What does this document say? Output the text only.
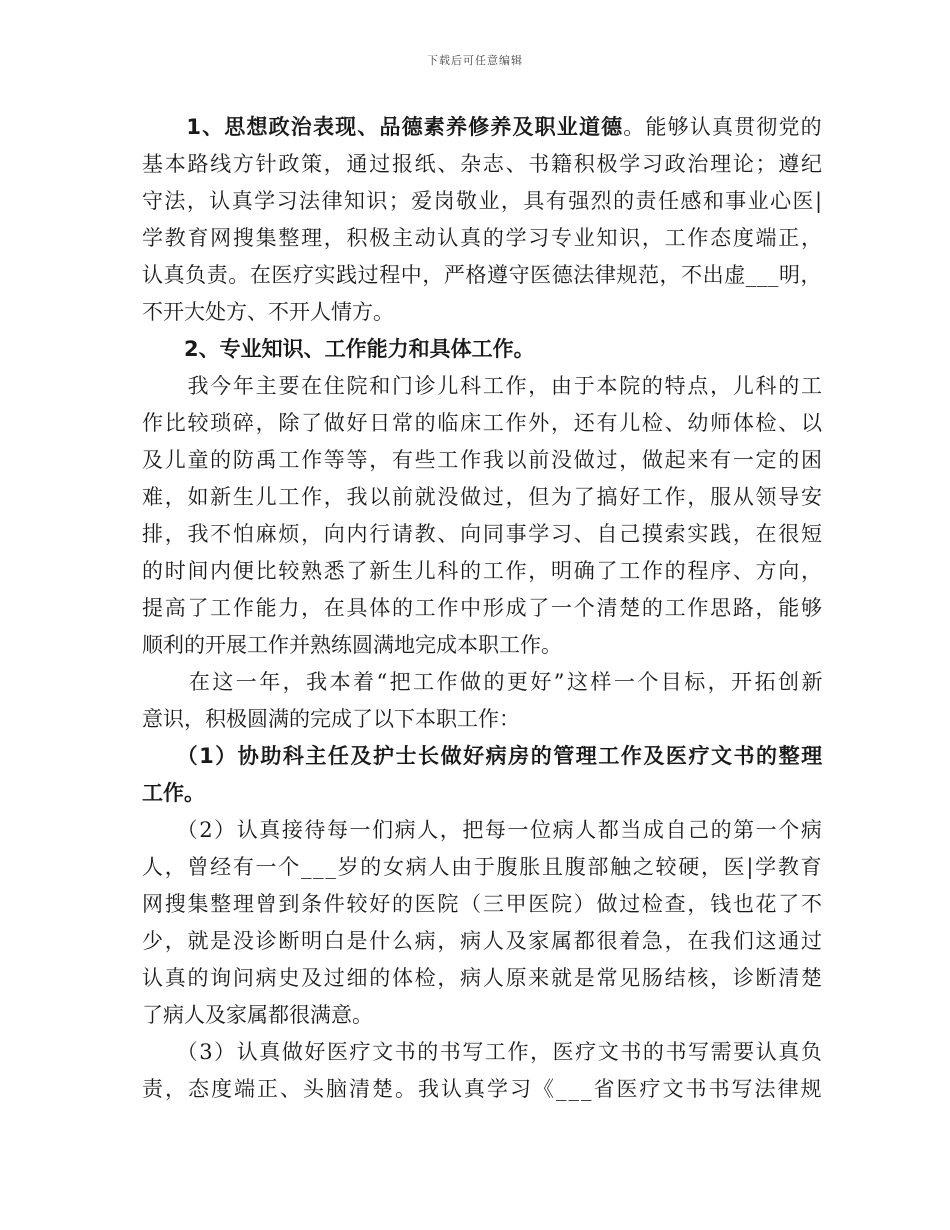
下载后可任意编辑
　　1、思想政治表现、品德素养修养及职业道德。能够认真贯彻党的
基本路线方针政策，通过报纸、杂志、书籍积极学习政治理论；遵纪
守法，认真学习法律知识；爱岗敬业，具有强烈的责任感和事业心医|
学教育网搜集整理，积极主动认真的学习专业知识，工作态度端正，
认真负责。在医疗实践过程中，严格遵守医德法律规范，不出虚___明，
不开大处方、不开人情方。
　　2、专业知识、工作能力和具体工作。
　　我今年主要在住院和门诊儿科工作，由于本院的特点，儿科的工
作比较琐碎，除了做好日常的临床工作外，还有儿检、幼师体检、以
及儿童的防禹工作等等，有些工作我以前没做过，做起来有一定的困
难，如新生儿工作，我以前就没做过，但为了搞好工作，服从领导安
排，我不怕麻烦，向内行请教、向同事学习、自己摸索实践，在很短
的时间内便比较熟悉了新生儿科的工作，明确了工作的程序、方向，
提高了工作能力，在具体的工作中形成了一个清楚的工作思路，能够
顺利的开展工作并熟练圆满地完成本职工作。
　　在这一年，我本着“把工作做的更好”这样一个目标，开拓创新
意识，积极圆满的完成了以下本职工作：
　　（1）协助科主任及护士长做好病房的管理工作及医疗文书的整理
工作。
　　（2）认真接待每一们病人，把每一位病人都当成自己的第一个病
人，曾经有一个___岁的女病人由于腹胀且腹部触之较硬，医|学教育
网搜集整理曾到条件较好的医院（三甲医院）做过检查，钱也花了不
少，就是没诊断明白是什么病，病人及家属都很着急，在我们这通过
认真的询问病史及过细的体检，病人原来就是常见肠结核，诊断清楚
了病人及家属都很满意。
　　（3）认真做好医疗文书的书写工作，医疗文书的书写需要认真负
责，态度端正、头脑清楚。我认真学习《___省医疗文书书写法律规
